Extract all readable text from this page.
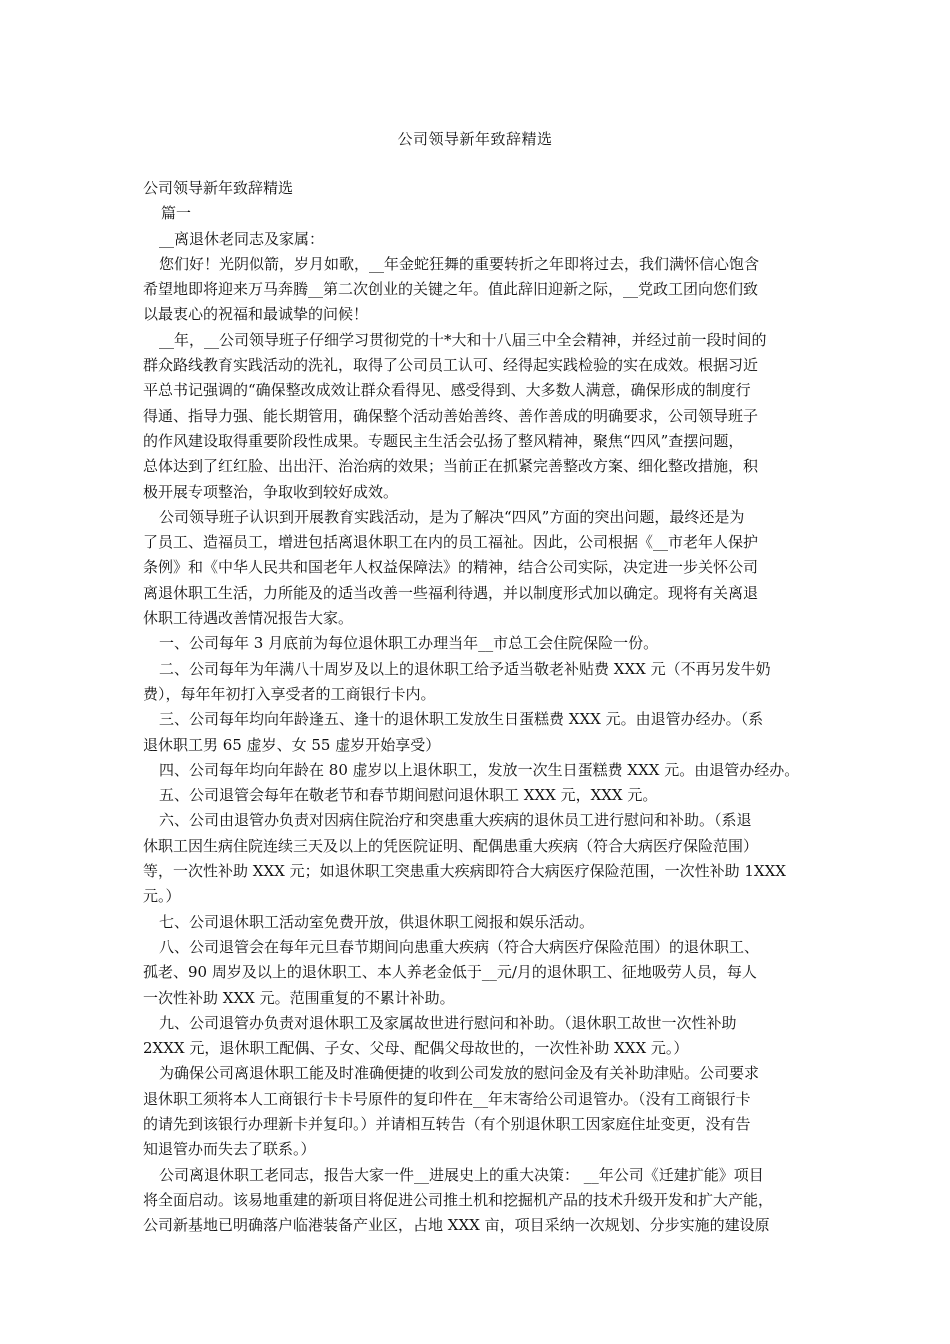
公司领导新年致辞精选
公司领导新年致辞精选
篇一
__离退休老同志及家属：
您们好！光阴似箭，岁月如歌，__年金蛇狂舞的重要转折之年即将过去，我们满怀信心饱含
希望地即将迎来万马奔腾__第二次创业的关键之年。值此辞旧迎新之际，__党政工团向您们致
以最衷心的祝福和最诚挚的问候！
__年，__公司领导班子仔细学习贯彻党的十*大和十八届三中全会精神，并经过前一段时间的
群众路线教育实践活动的洗礼，取得了公司员工认可、经得起实践检验的实在成效。根据习近
平总书记强调的“确保整改成效让群众看得见、感受得到、大多数人满意，确保形成的制度行
得通、指导力强、能长期管用，确保整个活动善始善终、善作善成的明确要求，公司领导班子
的作风建设取得重要阶段性成果。专题民主生活会弘扬了整风精神，聚焦“四风”查摆问题，
总体达到了红红脸、出出汗、治治病的效果；当前正在抓紧完善整改方案、细化整改措施，积
极开展专项整治，争取收到较好成效。
公司领导班子认识到开展教育实践活动，是为了解决“四风”方面的突出问题，最终还是为
了员工、造福员工，增进包括离退休职工在内的员工福祉。因此，公司根据《__市老年人保护
条例》和《中华人民共和国老年人权益保障法》的精神，结合公司实际，决定进一步关怀公司
离退休职工生活，力所能及的适当改善一些福利待遇，并以制度形式加以确定。现将有关离退
休职工待遇改善情况报告大家。
一、公司每年 3 月底前为每位退休职工办理当年__市总工会住院保险一份。
二、公司每年为年满八十周岁及以上的退休职工给予适当敬老补贴费 XXX 元（不再另发牛奶
费），每年年初打入享受者的工商银行卡内。
三、公司每年均向年龄逢五、逢十的退休职工发放生日蛋糕费 XXX 元。由退管办经办。（系
退休职工男 65 虚岁、女 55 虚岁开始享受）
四、公司每年均向年龄在 80 虚岁以上退休职工，发放一次生日蛋糕费 XXX 元。由退管办经办。
五、公司退管会每年在敬老节和春节期间慰问退休职工 XXX 元，XXX 元。
六、公司由退管办负责对因病住院治疗和突患重大疾病的退休员工进行慰问和补助。（系退
休职工因生病住院连续三天及以上的凭医院证明、配偶患重大疾病（符合大病医疗保险范围）
等，一次性补助 XXX 元；如退休职工突患重大疾病即符合大病医疗保险范围，一次性补助 1XXX
元。）
七、公司退休职工活动室免费开放，供退休职工阅报和娱乐活动。
八、公司退管会在每年元旦春节期间向患重大疾病（符合大病医疗保险范围）的退休职工、
孤老、90 周岁及以上的退休职工、本人养老金低于__元/月的退休职工、征地吸劳人员，每人
一次性补助 XXX 元。范围重复的不累计补助。
九、公司退管办负责对退休职工及家属故世进行慰问和补助。（退休职工故世一次性补助
2XXX 元，退休职工配偶、子女、父母、配偶父母故世的，一次性补助 XXX 元。）
为确保公司离退休职工能及时准确便捷的收到公司发放的慰问金及有关补助津贴。公司要求
退休职工须将本人工商银行卡卡号原件的复印件在__年末寄给公司退管办。（没有工商银行卡
的请先到该银行办理新卡并复印。）并请相互转告（有个别退休职工因家庭住址变更，没有告
知退管办而失去了联系。）
公司离退休职工老同志，报告大家一件__进展史上的重大决策： __年公司《迁建扩能》项目
将全面启动。该易地重建的新项目将促进公司推土机和挖掘机产品的技术升级开发和扩大产能，
公司新基地已明确落户临港装备产业区，占地 XXX 亩，项目采纳一次规划、分步实施的建设原
